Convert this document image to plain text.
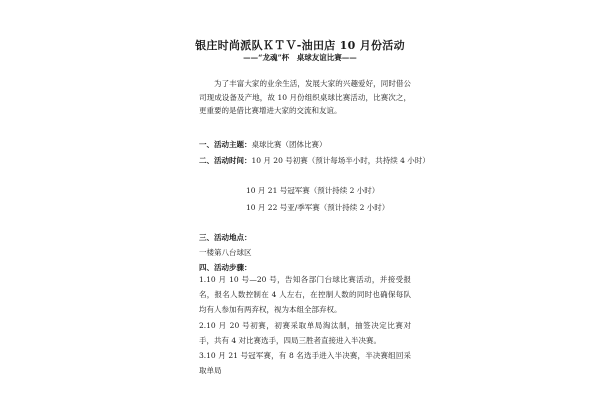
银庄时尚派队ＫＴＶ-油田店 10 月份活动
——“龙魂”杯　桌球友谊比赛——
为了丰富大家的业余生活，发展大家的兴趣爱好，同时借公司现成设备及产地，故 10 月份组织桌球比赛活动，比赛次之，更重要的是借比赛增进大家的交流和友谊。
一、活动主题：桌球比赛（团体比赛）
二、活动时间：10 月 20 号初赛（预计每场半小时，共持续 4 小时）
10 月 21 号冠军赛（预计持续 2 小时）
10 月 22 号亚/季军赛（预计持续 2 小时）
三、活动地点：
一楼第八台球区
四、活动步骤：
1.10 月 10 号—20 号，告知各部门台球比赛活动，并接受报名，报名人数控制在 4 人左右，在控制人数的同时也确保每队均有人参加有两弃权，视为本组全部弃权。
2.10 月 20 号初赛，初赛采取单局淘汰制，抽签决定比赛对手，共有 4 对比赛选手，四局三胜者直接进入半决赛。
3.10 月 21 号冠军赛，有 8 名选手进入半决赛，半决赛组回采取单局
